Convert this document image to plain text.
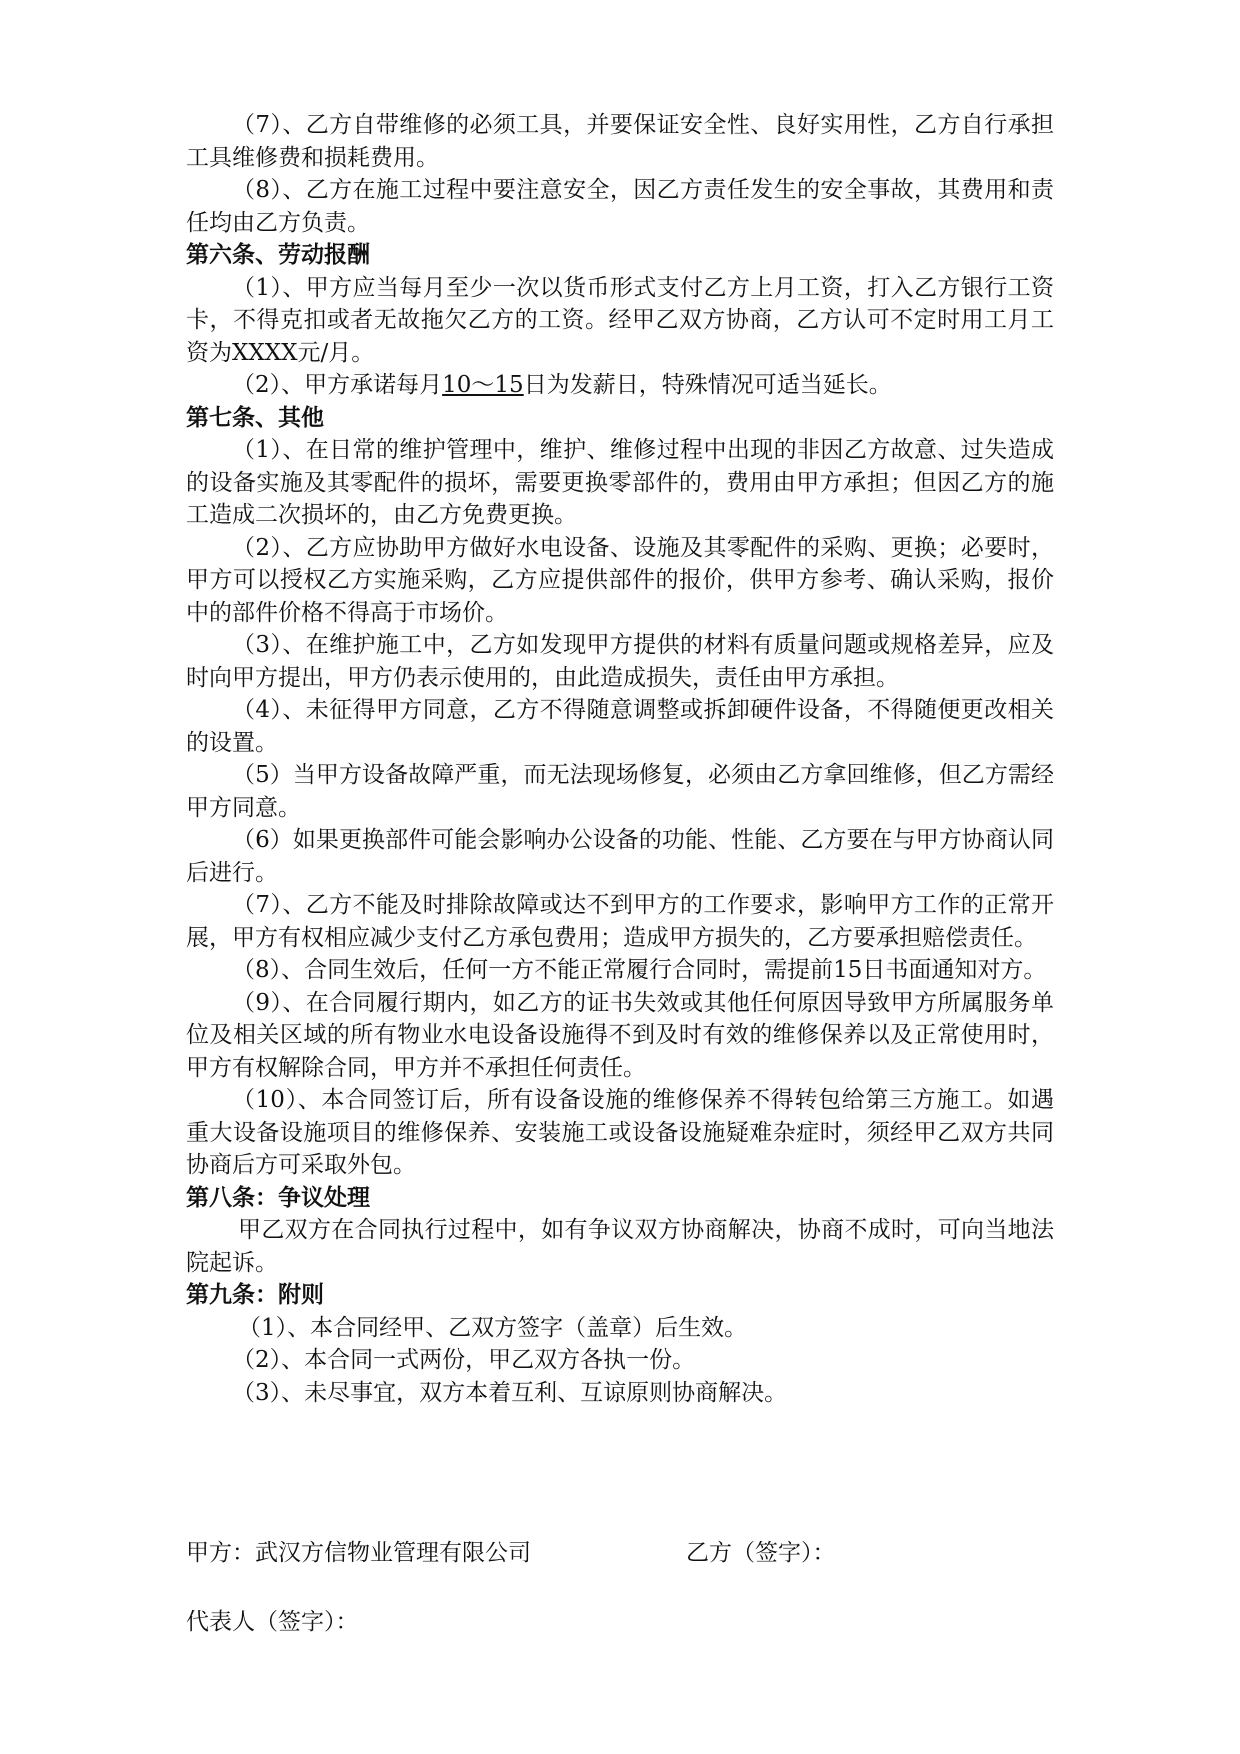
（7）、乙方自带维修的必须工具，并要保证安全性、良好实用性，乙方自行承担工具维修费和损耗费用。

（8）、乙方在施工过程中要注意安全，因乙方责任发生的安全事故，其费用和责任均由乙方负责。

第六条、劳动报酬

（1）、甲方应当每月至少一次以货币形式支付乙方上月工资，打入乙方银行工资卡，不得克扣或者无故拖欠乙方的工资。经甲乙双方协商，乙方认可不定时用工月工资为XXXX元/月。

（2）、甲方承诺每月10～15日为发薪日，特殊情况可适当延长。

第七条、其他

（1）、在日常的维护管理中，维护、维修过程中出现的非因乙方故意、过失造成的设备实施及其零配件的损坏，需要更换零部件的，费用由甲方承担；但因乙方的施工造成二次损坏的，由乙方免费更换。

（2）、乙方应协助甲方做好水电设备、设施及其零配件的采购、更换；必要时，甲方可以授权乙方实施采购，乙方应提供部件的报价，供甲方参考、确认采购，报价中的部件价格不得高于市场价。

（3）、在维护施工中，乙方如发现甲方提供的材料有质量问题或规格差异，应及时向甲方提出，甲方仍表示使用的，由此造成损失，责任由甲方承担。

（4）、未征得甲方同意，乙方不得随意调整或拆卸硬件设备，不得随便更改相关的设置。

（5）当甲方设备故障严重，而无法现场修复，必须由乙方拿回维修，但乙方需经甲方同意。

（6）如果更换部件可能会影响办公设备的功能、性能、乙方要在与甲方协商认同后进行。

（7）、乙方不能及时排除故障或达不到甲方的工作要求，影响甲方工作的正常开展，甲方有权相应减少支付乙方承包费用；造成甲方损失的，乙方要承担赔偿责任。

（8）、合同生效后，任何一方不能正常履行合同时，需提前15日书面通知对方。

（9）、在合同履行期内，如乙方的证书失效或其他任何原因导致甲方所属服务单位及相关区域的所有物业水电设备设施得不到及时有效的维修保养以及正常使用时，甲方有权解除合同，甲方并不承担任何责任。

（10）、本合同签订后，所有设备设施的维修保养不得转包给第三方施工。如遇重大设备设施项目的维修保养、安装施工或设备设施疑难杂症时，须经甲乙双方共同协商后方可采取外包。

第八条：争议处理

甲乙双方在合同执行过程中，如有争议双方协商解决，协商不成时，可向当地法院起诉。

第九条：附则

（1）、本合同经甲、乙双方签字（盖章）后生效。

（2）、本合同一式两份，甲乙双方各执一份。

（3）、未尽事宜，双方本着互利、互谅原则协商解决。

甲方：武汉方信物业管理有限公司	乙方（签字）：
代表人（签字）：
